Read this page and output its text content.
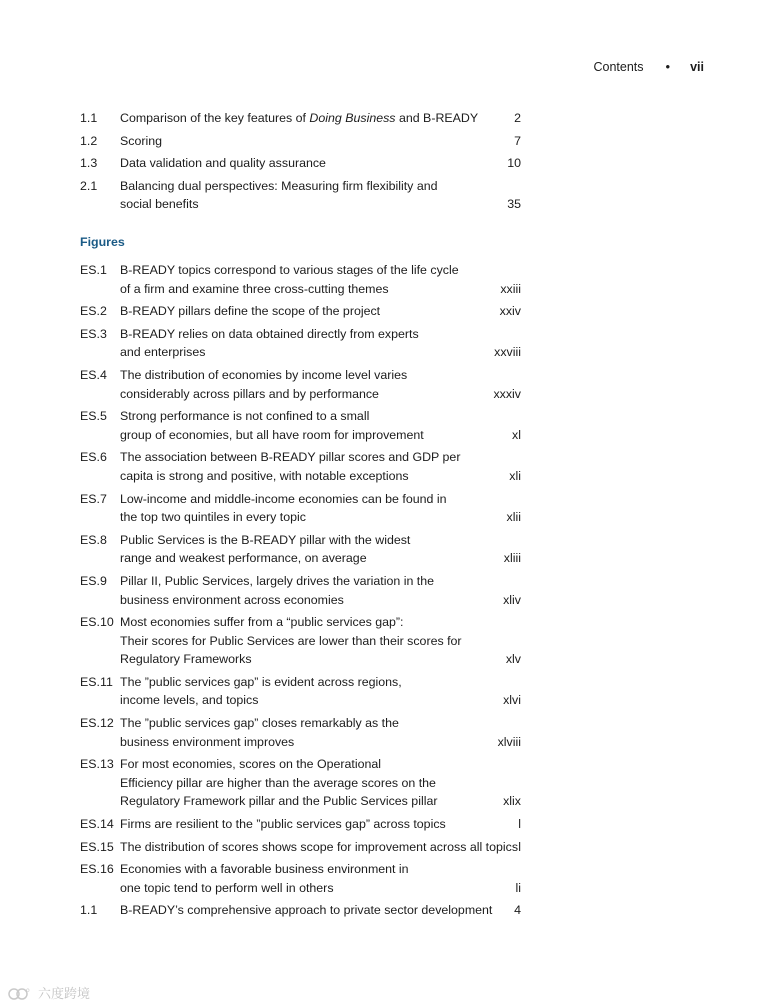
Contents • vii
1.1 Comparison of the key features of Doing Business and B-READY	2
1.2 Scoring	7
1.3 Data validation and quality assurance	10
2.1 Balancing dual perspectives: Measuring firm flexibility and
social benefits	35
Figures
ES.1 B-READY topics correspond to various stages of the life cycle
of a firm and examine three cross-cutting themes	xxiii
ES.2 B-READY pillars define the scope of the project	xxiv
ES.3 B-READY relies on data obtained directly from experts
and enterprises	xxviii
ES.4 The distribution of economies by income level varies
considerably across pillars and by performance	xxxiv
ES.5 Strong performance is not confined to a small
group of economies, but all have room for improvement	xl
ES.6 The association between B-READY pillar scores and GDP per
capita is strong and positive, with notable exceptions	xli
ES.7 Low-income and middle-income economies can be found in
the top two quintiles in every topic	xlii
ES.8 Public Services is the B-READY pillar with the widest
range and weakest performance, on average	xliii
ES.9 Pillar II, Public Services, largely drives the variation in the
business environment across economies	xliv
ES.10 Most economies suffer from a “public services gap”:
Their scores for Public Services are lower than their scores for
Regulatory Frameworks	xlv
ES.11 The ”public services gap” is evident across regions,
income levels, and topics	xlvi
ES.12 The ”public services gap” closes remarkably as the
business environment improves	xlviii
ES.13 For most economies, scores on the Operational
Efficiency pillar are higher than the average scores on the
Regulatory Framework pillar and the Public Services pillar	xlix
ES.14 Firms are resilient to the ”public services gap” across topics	l
ES.15 The distribution of scores shows scope for improvement across all topics l
ES.16 Economies with a favorable business environment in
one topic tend to perform well in others	li
1.1 B-READY’s comprehensive approach to private sector development 4
o 六度跨境
